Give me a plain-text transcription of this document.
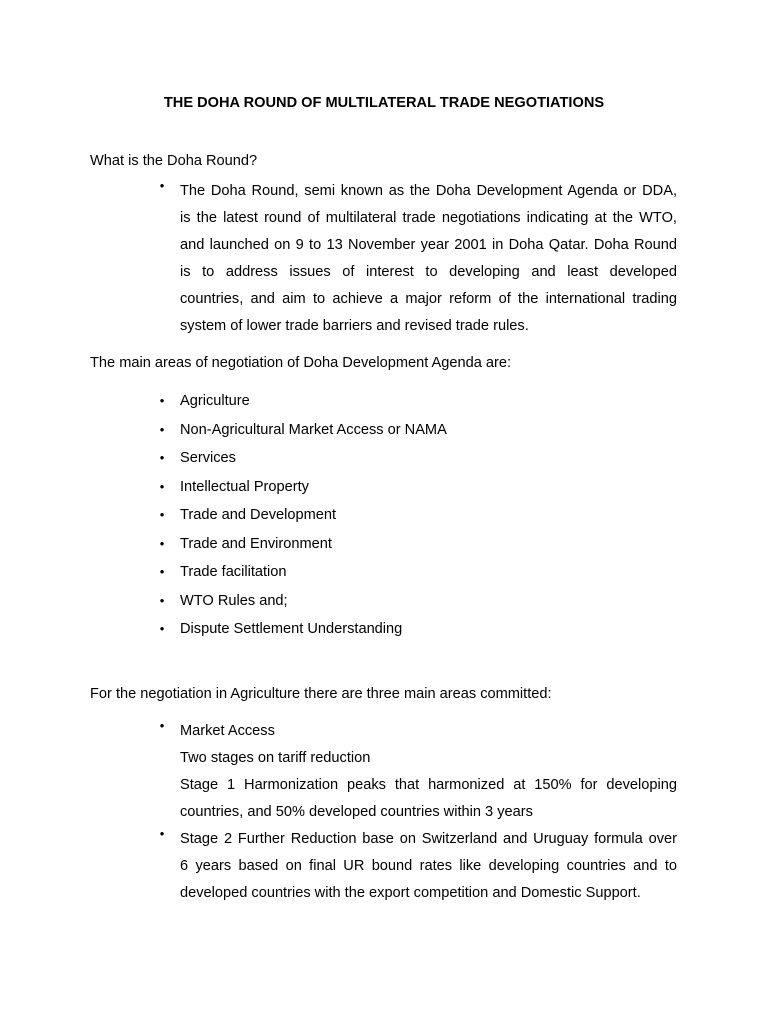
THE DOHA ROUND OF MULTILATERAL TRADE NEGOTIATIONS
What is the Doha Round?
• The Doha Round, semi known as the Doha Development Agenda or DDA,
is the latest round of multilateral trade negotiations indicating at the WTO,
and launched on 9 to 13 November year 2001 in Doha Qatar. Doha Round
is to address issues of interest to developing and least developed
countries, and aim to achieve a major reform of the international trading
system of lower trade barriers and revised trade rules.
The main areas of negotiation of Doha Development Agenda are:
• Agriculture
• Non-Agricultural Market Access or NAMA
• Services
• Intellectual Property
• Trade and Development
• Trade and Environment
• Trade facilitation
• WTO Rules and;
• Dispute Settlement Understanding
For the negotiation in Agriculture there are three main areas committed:
• Market Access
Two stages on tariff reduction
Stage 1 Harmonization peaks that harmonized at 150% for developing
countries, and 50% developed countries within 3 years
• Stage 2 Further Reduction base on Switzerland and Uruguay formula over
6 years based on final UR bound rates like developing countries and to
developed countries with the export competition and Domestic Support.
